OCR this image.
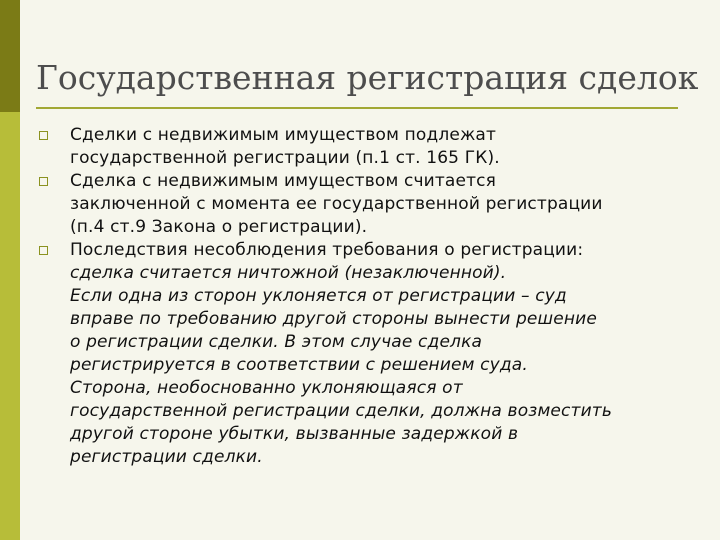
Государственная регистрация сделок

Сделки с недвижимым имуществом подлежат

государственной регистрации (п.1 ст. 165 ГК).

Сделка с недвижимым имуществом считается

заключенной с момента ее государственной регистрации

(п.4 ст.9 Закона о регистрации).

Последствия несоблюдения требования о регистрации:

сделка считается ничтожной (незаключенной).

Если одна из сторон уклоняется от регистрации – суд

вправе по требованию другой стороны вынести решение

о регистрации сделки. В этом случае сделка

регистрируется в соответствии с решением суда.

Сторона, необоснованно уклоняющаяся от

государственной регистрации сделки, должна возместить

другой стороне убытки, вызванные задержкой в

регистрации сделки.
